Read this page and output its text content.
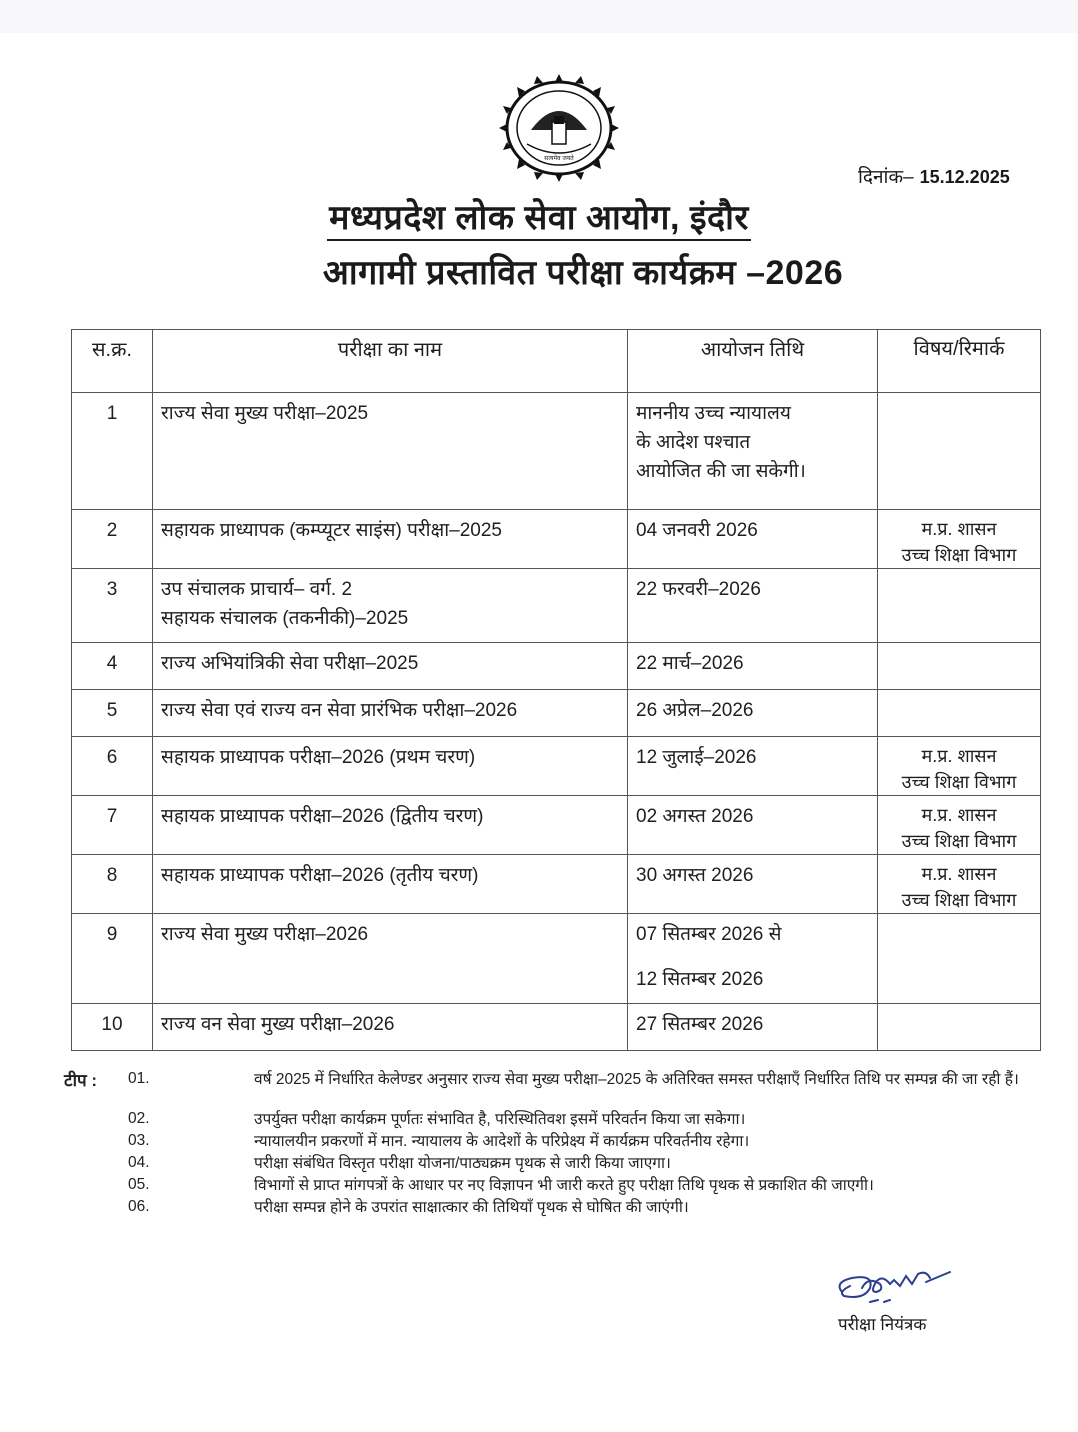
सत्यमेव जयते
दिनांक– 15.12.2025
मध्यप्रदेश लोक सेवा आयोग, इंदौर
आगामी प्रस्तावित परीक्षा कार्यक्रम –2026
स.क्र.	परीक्षा का नाम	आयोजन तिथि	विषय/रिमार्क
1	राज्य सेवा मुख्य परीक्षा–2025	माननीय उच्च न्यायालय
के आदेश पश्चात
आयोजित की जा सकेगी।	

2	सहायक प्राध्यापक (कम्प्यूटर साइंस) परीक्षा–2025	04 जनवरी 2026	म.प्र. शासन
उच्च शिक्षा विभाग

3	उप संचालक प्राचार्य– वर्ग. 2
सहायक संचालक (तकनीकी)–2025	22 फरवरी–2026	

4	राज्य अभियांत्रिकी सेवा परीक्षा–2025	22 मार्च–2026	

5	राज्य सेवा एवं राज्य वन सेवा प्रारंभिक परीक्षा–2026	26 अप्रेल–2026	

6	सहायक प्राध्यापक परीक्षा–2026 (प्रथम चरण)	12 जुलाई–2026	म.प्र. शासन
उच्च शिक्षा विभाग

7	सहायक प्राध्यापक परीक्षा–2026 (द्वितीय चरण)	02 अगस्त 2026	म.प्र. शासन
उच्च शिक्षा विभाग

8	सहायक प्राध्यापक परीक्षा–2026 (तृतीय चरण)	30 अगस्त 2026	म.प्र. शासन
उच्च शिक्षा विभाग

9	राज्य सेवा मुख्य परीक्षा–2026	07 सितम्बर 2026 से
12 सितम्बर 2026	

10	राज्य वन सेवा मुख्य परीक्षा–2026	27 सितम्बर 2026	

टीप : 01.	वर्ष 2025 में निर्धारित केलेण्डर अनुसार राज्य सेवा मुख्य परीक्षा–2025 के अतिरिक्त समस्त परीक्षाएँ निर्धारित तिथि पर सम्पन्न की जा रही हैं।
02.	उपर्युक्त परीक्षा कार्यक्रम पूर्णतः संभावित है, परिस्थितिवश इसमें परिवर्तन किया जा सकेगा।
03.	न्यायालयीन प्रकरणों में मान. न्यायालय के आदेशों के परिप्रेक्ष्य में कार्यक्रम परिवर्तनीय रहेगा।
04.	परीक्षा संबंधित विस्तृत परीक्षा योजना/पाठ्यक्रम पृथक से जारी किया जाएगा।
05.	विभागों से प्राप्त मांगपत्रों के आधार पर नए विज्ञापन भी जारी करते हुए परीक्षा तिथि पृथक से प्रकाशित की जाएगी।
06.	परीक्षा सम्पन्न होने के उपरांत साक्षात्कार की तिथियाँ पृथक से घोषित की जाएंगी।
परीक्षा नियंत्रक
